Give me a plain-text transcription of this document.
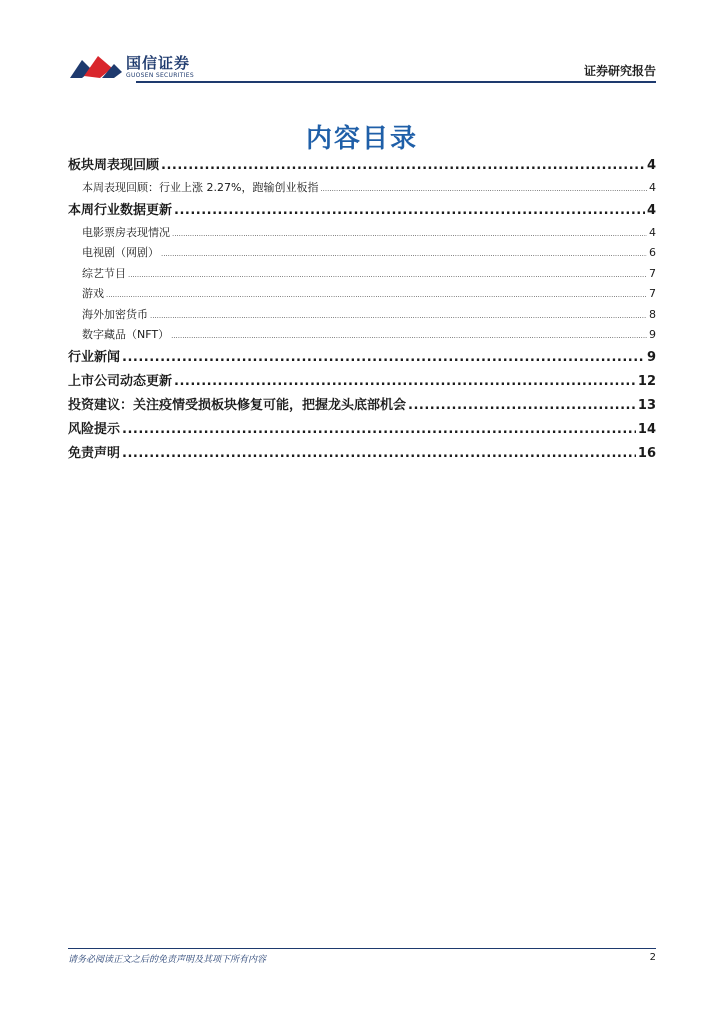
国信证券
GUOSEN SECURITIES	证券研究报告
内容目录
板块周表现回顾 .....	4
本周表现回顾：行业上涨 2.27%，跑输创业板指 .....	4
本周行业数据更新 .....	4
电影票房表现情况 .....	4
电视剧（网剧） .....	6
综艺节目 .....	7
游戏 .....	7
海外加密货币 .....	8
数字藏品（NFT） .....	9
行业新闻 .....	9
上市公司动态更新 .....	12
投资建议：关注疫情受损板块修复可能，把握龙头底部机会 .....	13
风险提示 .....	14
免责声明 .....	16
请务必阅读正文之后的免责声明及其项下所有内容	2
